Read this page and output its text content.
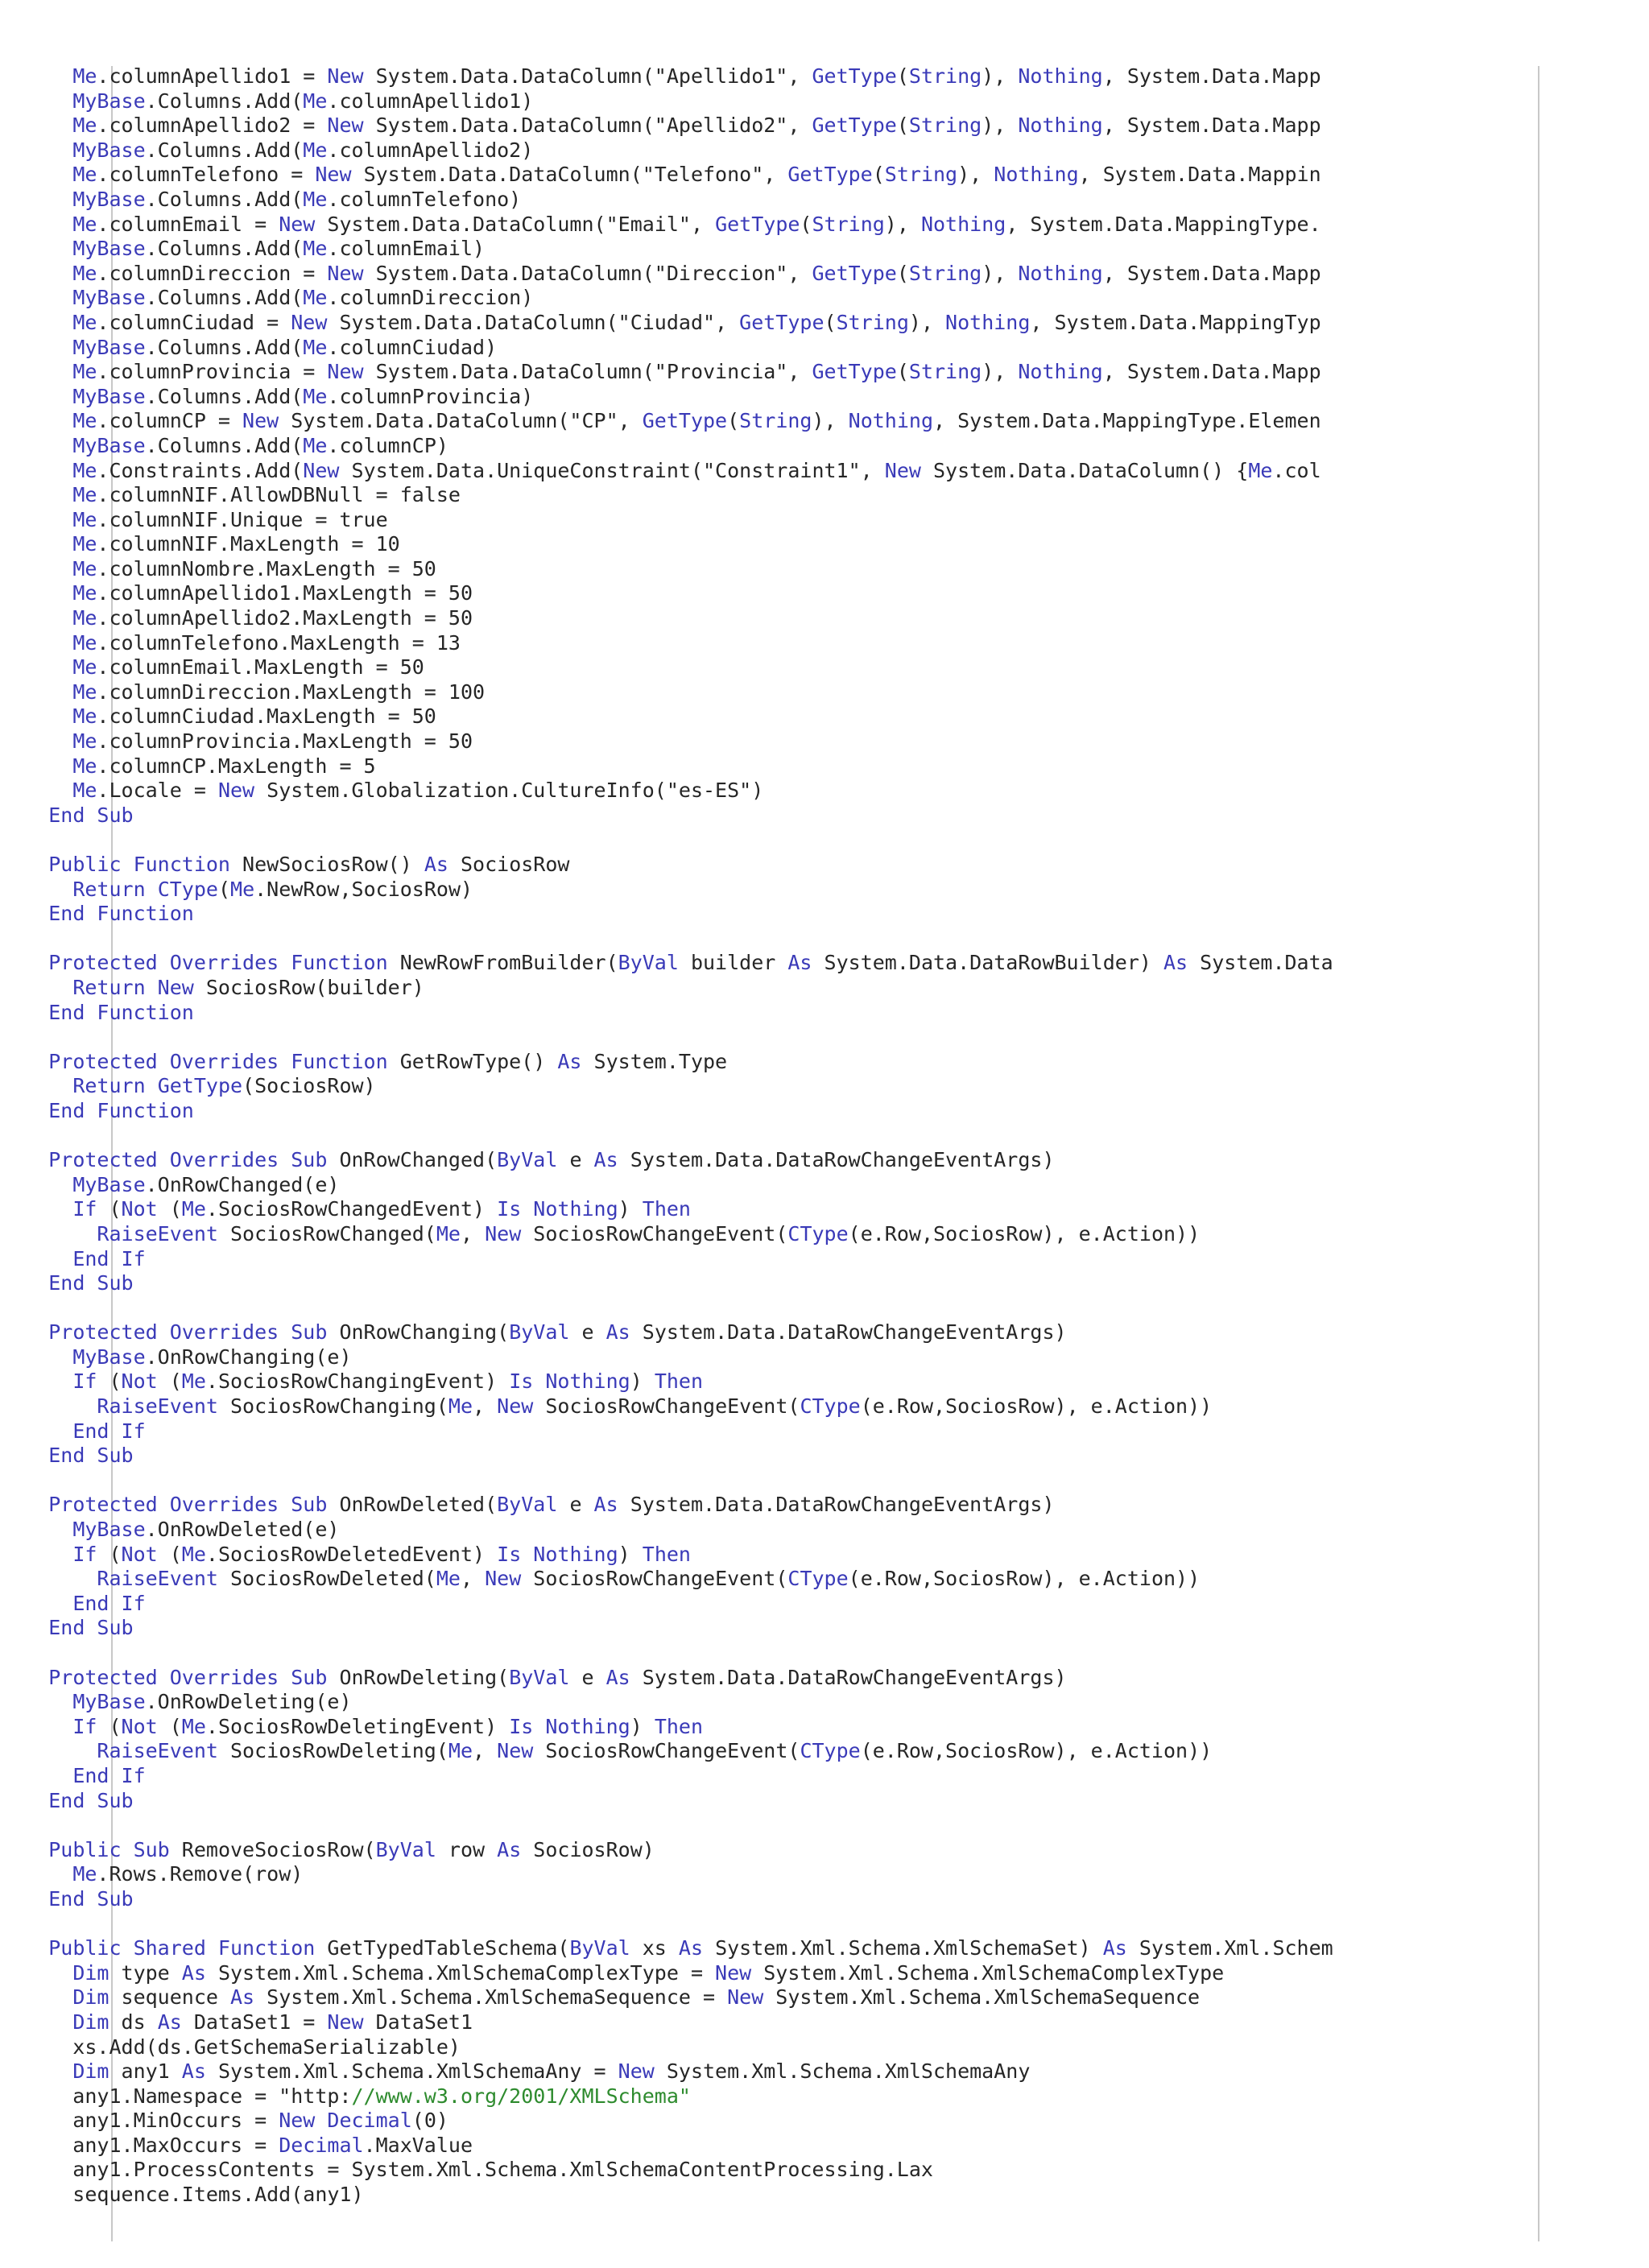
Me.columnApellido1 = New System.Data.DataColumn("Apellido1", GetType(String), Nothing, System.Data.Mapp
MyBase.Columns.Add(Me.columnApellido1)
Me.columnApellido2 = New System.Data.DataColumn("Apellido2", GetType(String), Nothing, System.Data.Mapp
MyBase.Columns.Add(Me.columnApellido2)
Me.columnTelefono = New System.Data.DataColumn("Telefono", GetType(String), Nothing, System.Data.Mappin
MyBase.Columns.Add(Me.columnTelefono)
Me.columnEmail = New System.Data.DataColumn("Email", GetType(String), Nothing, System.Data.MappingType.
MyBase.Columns.Add(Me.columnEmail)
Me.columnDireccion = New System.Data.DataColumn("Direccion", GetType(String), Nothing, System.Data.Mapp
MyBase.Columns.Add(Me.columnDireccion)
Me.columnCiudad = New System.Data.DataColumn("Ciudad", GetType(String), Nothing, System.Data.MappingTyp
MyBase.Columns.Add(Me.columnCiudad)
Me.columnProvincia = New System.Data.DataColumn("Provincia", GetType(String), Nothing, System.Data.Mapp
MyBase.Columns.Add(Me.columnProvincia)
Me.columnCP = New System.Data.DataColumn("CP", GetType(String), Nothing, System.Data.MappingType.Elemen
MyBase.Columns.Add(Me.columnCP)
Me.Constraints.Add(New System.Data.UniqueConstraint("Constraint1", New System.Data.DataColumn() {Me.col
Me.columnNIF.AllowDBNull = false
Me.columnNIF.Unique = true
Me.columnNIF.MaxLength = 10
Me.columnNombre.MaxLength = 50
Me.columnApellido1.MaxLength = 50
Me.columnApellido2.MaxLength = 50
Me.columnTelefono.MaxLength = 13
Me.columnEmail.MaxLength = 50
Me.columnDireccion.MaxLength = 100
Me.columnCiudad.MaxLength = 50
Me.columnProvincia.MaxLength = 50
Me.columnCP.MaxLength = 5
Me.Locale = New System.Globalization.CultureInfo("es-ES")
End Sub

Public Function NewSociosRow() As SociosRow
Return CType(Me.NewRow,SociosRow)
End Function

Protected Overrides Function NewRowFromBuilder(ByVal builder As System.Data.DataRowBuilder) As System.Data
Return New SociosRow(builder)
End Function

Protected Overrides Function GetRowType() As System.Type
Return GetType(SociosRow)
End Function

Protected Overrides Sub OnRowChanged(ByVal e As System.Data.DataRowChangeEventArgs)
MyBase.OnRowChanged(e)
If (Not (Me.SociosRowChangedEvent) Is Nothing) Then
RaiseEvent SociosRowChanged(Me, New SociosRowChangeEvent(CType(e.Row,SociosRow), e.Action))
End If
End Sub

Protected Overrides Sub OnRowChanging(ByVal e As System.Data.DataRowChangeEventArgs)
MyBase.OnRowChanging(e)
If (Not (Me.SociosRowChangingEvent) Is Nothing) Then
RaiseEvent SociosRowChanging(Me, New SociosRowChangeEvent(CType(e.Row,SociosRow), e.Action))
End If
End Sub

Protected Overrides Sub OnRowDeleted(ByVal e As System.Data.DataRowChangeEventArgs)
MyBase.OnRowDeleted(e)
If (Not (Me.SociosRowDeletedEvent) Is Nothing) Then
RaiseEvent SociosRowDeleted(Me, New SociosRowChangeEvent(CType(e.Row,SociosRow), e.Action))
End If
End Sub

Protected Overrides Sub OnRowDeleting(ByVal e As System.Data.DataRowChangeEventArgs)
MyBase.OnRowDeleting(e)
If (Not (Me.SociosRowDeletingEvent) Is Nothing) Then
RaiseEvent SociosRowDeleting(Me, New SociosRowChangeEvent(CType(e.Row,SociosRow), e.Action))
End If
End Sub

Public Sub RemoveSociosRow(ByVal row As SociosRow)
Me.Rows.Remove(row)
End Sub

Public Shared Function GetTypedTableSchema(ByVal xs As System.Xml.Schema.XmlSchemaSet) As System.Xml.Schem
Dim type As System.Xml.Schema.XmlSchemaComplexType = New System.Xml.Schema.XmlSchemaComplexType
Dim sequence As System.Xml.Schema.XmlSchemaSequence = New System.Xml.Schema.XmlSchemaSequence
Dim ds As DataSet1 = New DataSet1
xs.Add(ds.GetSchemaSerializable)
Dim any1 As System.Xml.Schema.XmlSchemaAny = New System.Xml.Schema.XmlSchemaAny
any1.Namespace = "http://www.w3.org/2001/XMLSchema"
any1.MinOccurs = New Decimal(0)
any1.MaxOccurs = Decimal.MaxValue
any1.ProcessContents = System.Xml.Schema.XmlSchemaContentProcessing.Lax
sequence.Items.Add(any1)
